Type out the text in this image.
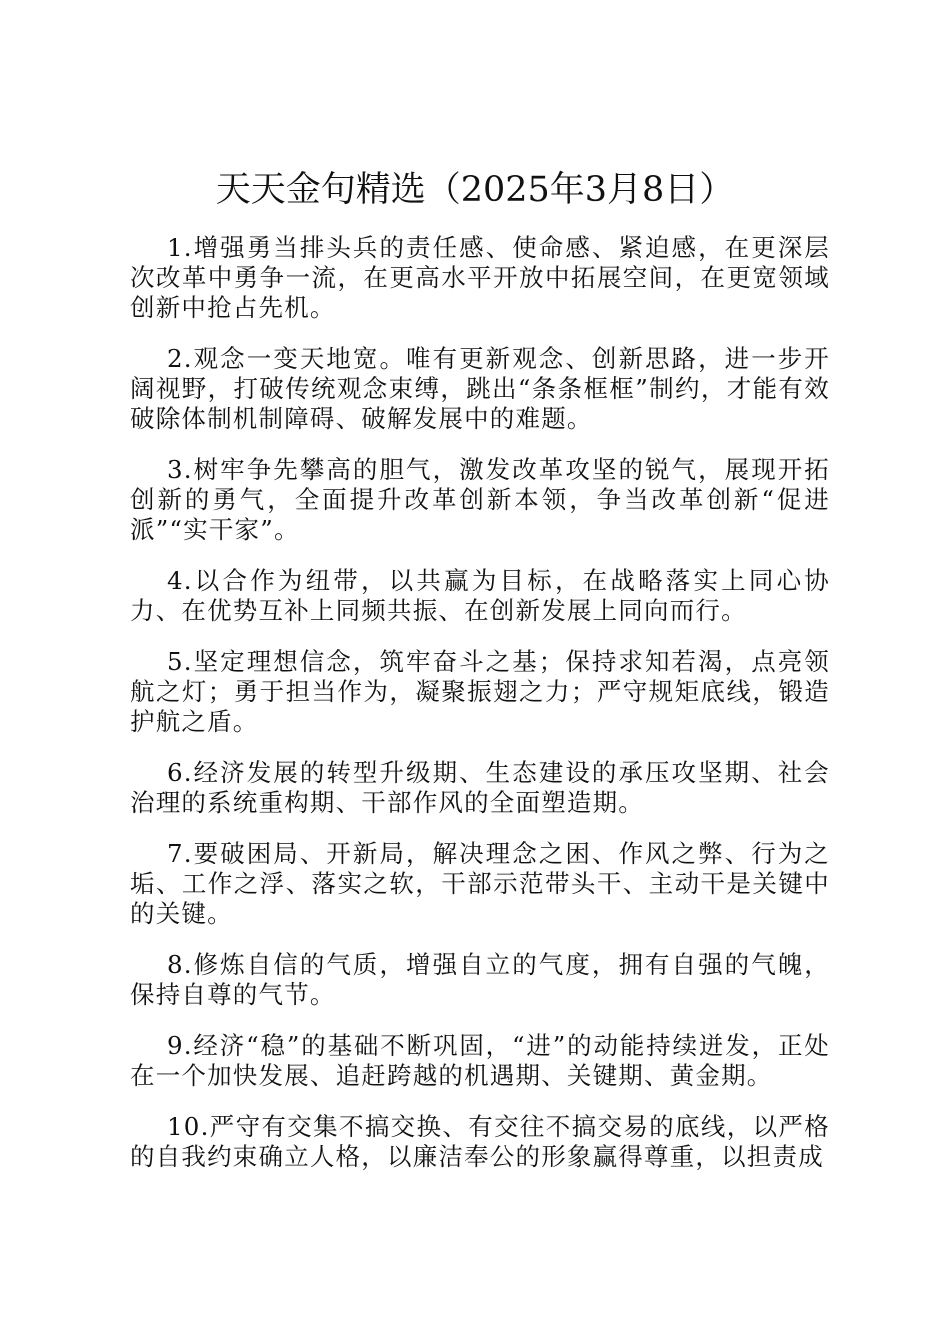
天天金句精选（2025年3月8日）

1.增强勇当排头兵的责任感、使命感、紧迫感，在更深层次改革中勇争一流，在更高水平开放中拓展空间，在更宽领域创新中抢占先机。

2.观念一变天地宽。唯有更新观念、创新思路，进一步开阔视野，打破传统观念束缚，跳出“条条框框”制约，才能有效破除体制机制障碍、破解发展中的难题。

3.树牢争先攀高的胆气，激发改革攻坚的锐气，展现开拓创新的勇气，全面提升改革创新本领，争当改革创新“促进派”“实干家”。

4.以合作为纽带，以共赢为目标，在战略落实上同心协力、在优势互补上同频共振、在创新发展上同向而行。

5.坚定理想信念，筑牢奋斗之基；保持求知若渴，点亮领航之灯；勇于担当作为，凝聚振翅之力；严守规矩底线，锻造护航之盾。

6.经济发展的转型升级期、生态建设的承压攻坚期、社会治理的系统重构期、干部作风的全面塑造期。

7.要破困局、开新局，解决理念之困、作风之弊、行为之垢、工作之浮、落实之软，干部示范带头干、主动干是关键中的关键。

8.修炼自信的气质，增强自立的气度，拥有自强的气魄，保持自尊的气节。

9.经济“稳”的基础不断巩固，“进”的动能持续迸发，正处在一个加快发展、追赶跨越的机遇期、关键期、黄金期。

10.严守有交集不搞交换、有交往不搞交易的底线，以严格的自我约束确立人格，以廉洁奉公的形象赢得尊重，以担责成
